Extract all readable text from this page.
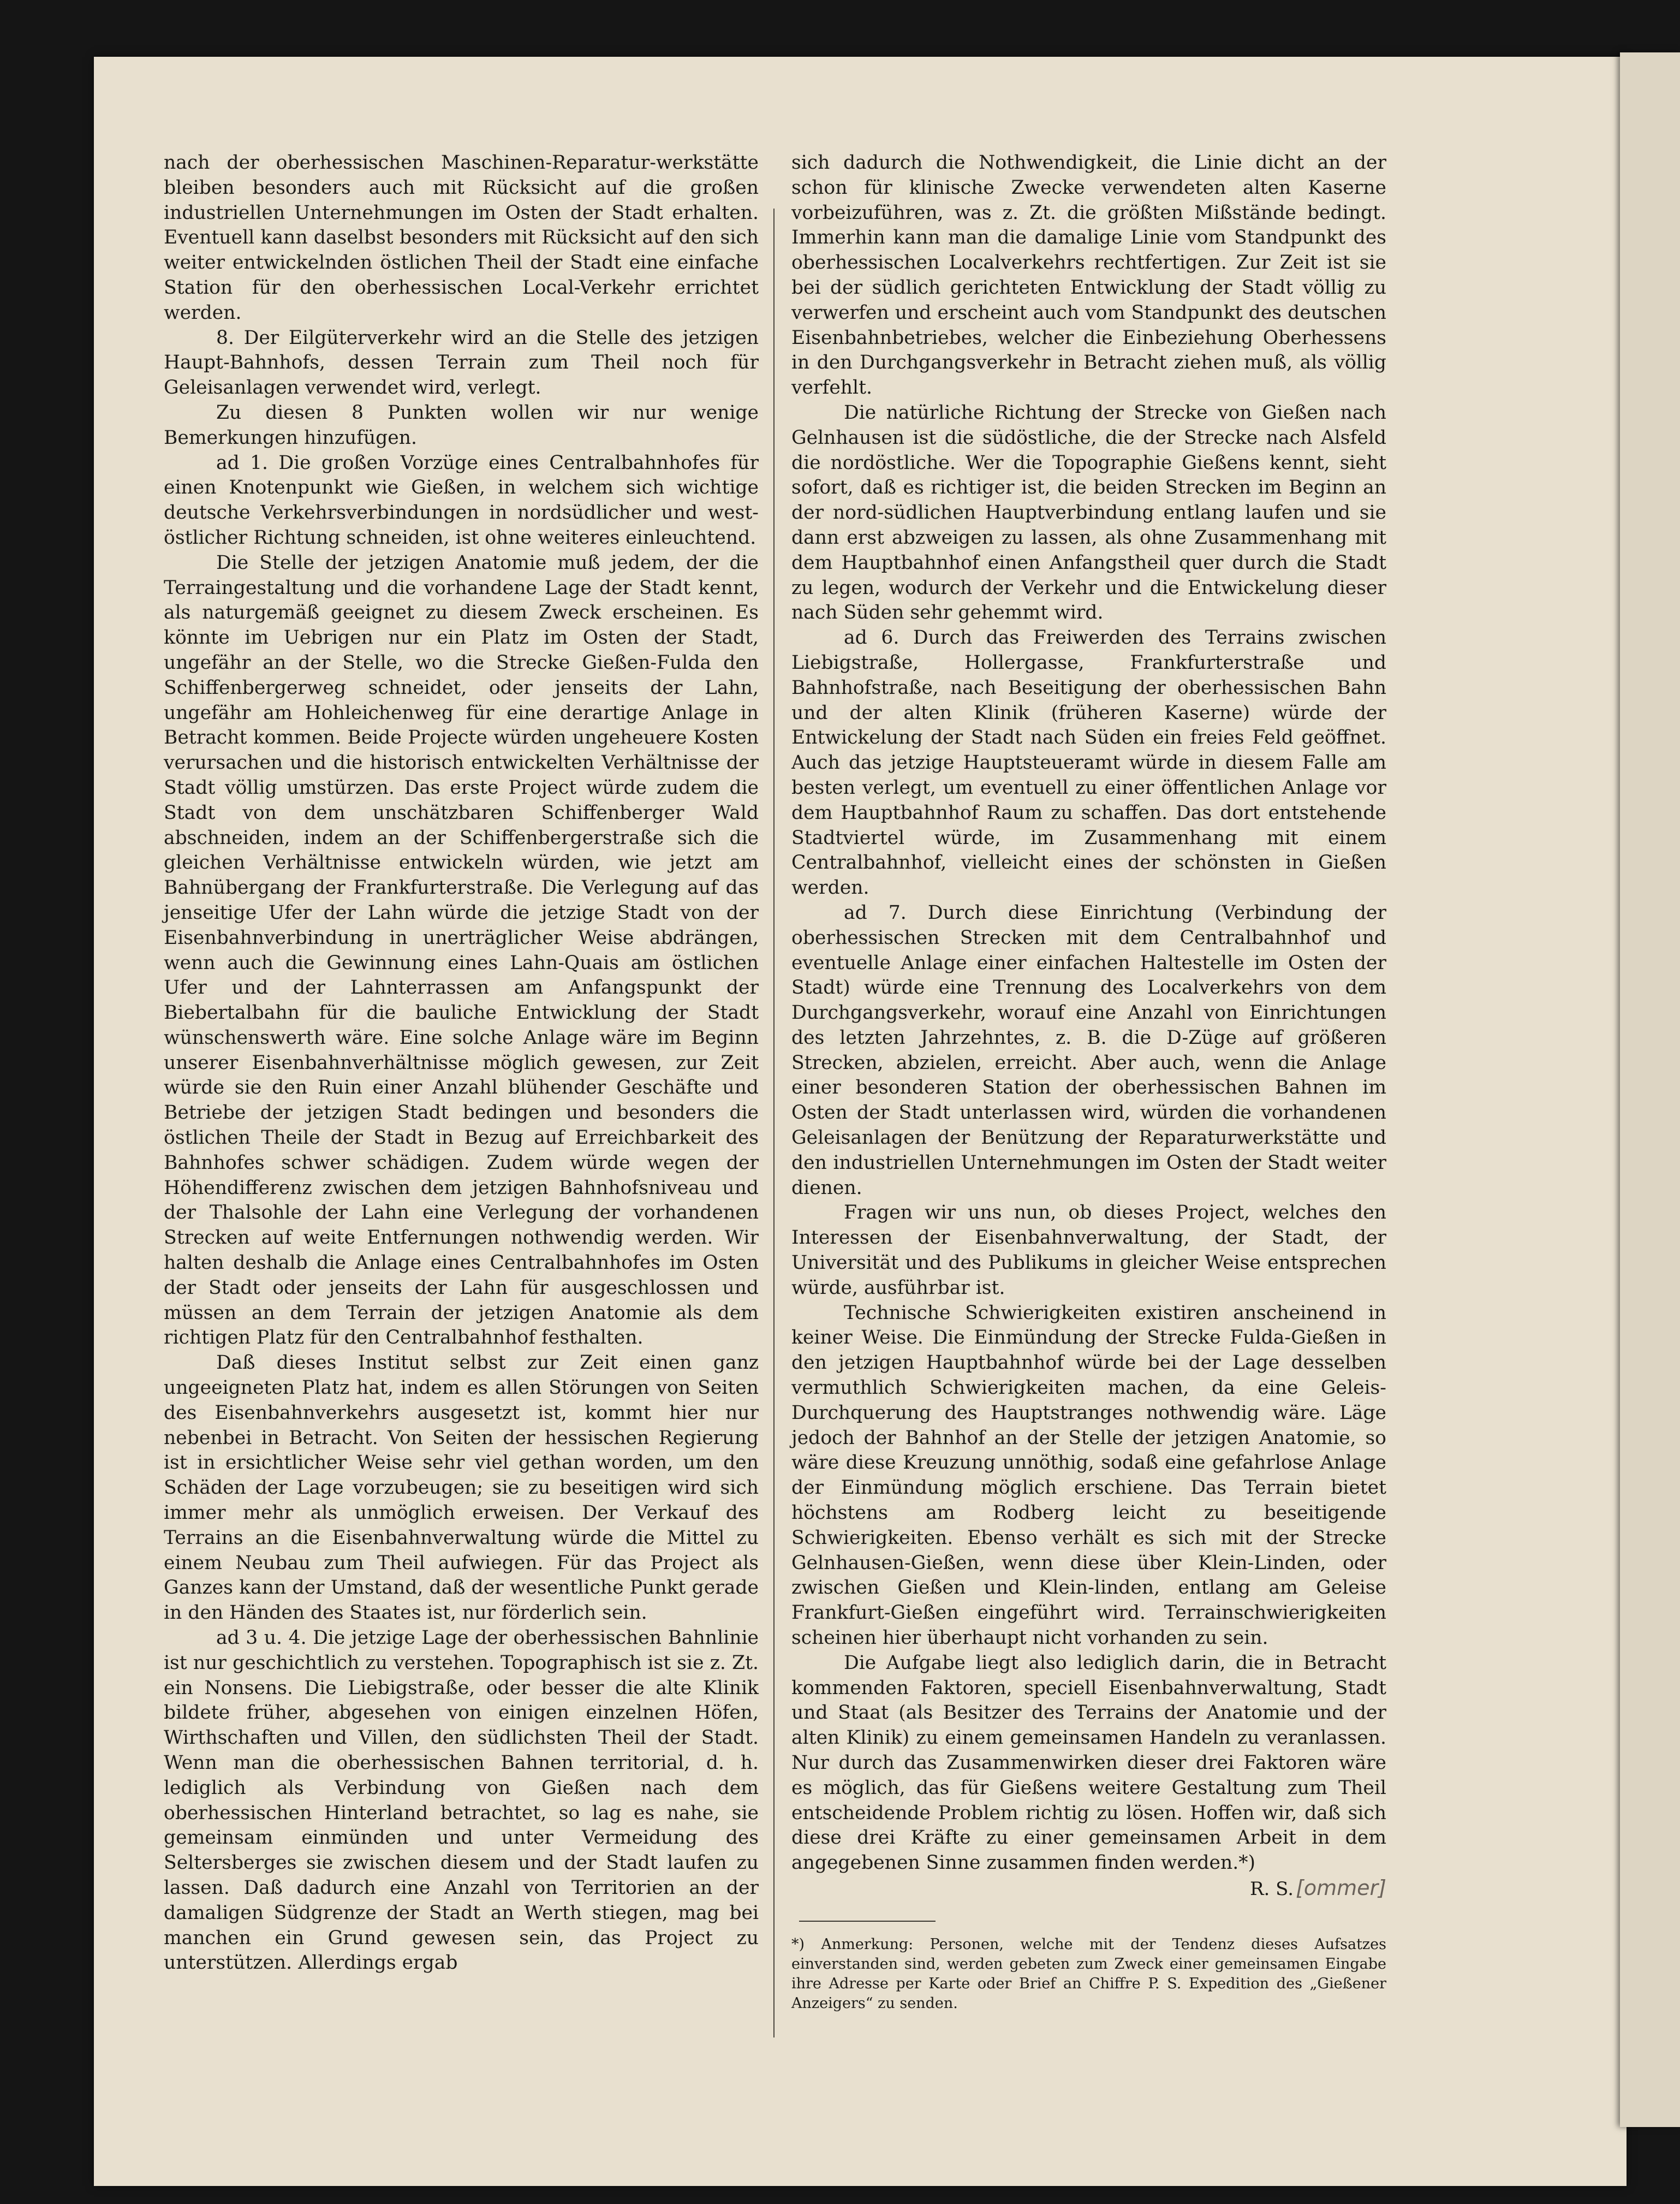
nach der oberhessischen Maschinen-Reparatur-werkstätte bleiben besonders auch mit Rücksicht auf die großen industriellen Unternehmungen im Osten der Stadt erhalten. Eventuell kann daselbst besonders mit Rücksicht auf den sich weiter entwickelnden östlichen Theil der Stadt eine einfache Station für den oberhessischen Local-Verkehr errichtet werden.

8. Der Eilgüterverkehr wird an die Stelle des jetzigen Haupt-Bahnhofs, dessen Terrain zum Theil noch für Geleisanlagen verwendet wird, verlegt.

Zu diesen 8 Punkten wollen wir nur wenige Bemerkungen hinzufügen.

ad 1. Die großen Vorzüge eines Centralbahnhofes für einen Knotenpunkt wie Gießen, in welchem sich wichtige deutsche Verkehrsverbindungen in nordsüdlicher und west-östlicher Richtung schneiden, ist ohne weiteres einleuchtend.

Die Stelle der jetzigen Anatomie muß jedem, der die Terraingestaltung und die vorhandene Lage der Stadt kennt, als naturgemäß geeignet zu diesem Zweck erscheinen. Es könnte im Uebrigen nur ein Platz im Osten der Stadt, ungefähr an der Stelle, wo die Strecke Gießen-Fulda den Schiffenbergerweg schneidet, oder jenseits der Lahn, ungefähr am Hohleichenweg für eine derartige Anlage in Betracht kommen. Beide Projecte würden ungeheuere Kosten verursachen und die historisch entwickelten Verhältnisse der Stadt völlig umstürzen. Das erste Project würde zudem die Stadt von dem unschätzbaren Schiffenberger Wald abschneiden, indem an der Schiffenbergerstraße sich die gleichen Verhältnisse entwickeln würden, wie jetzt am Bahnübergang der Frankfurterstraße. Die Verlegung auf das jenseitige Ufer der Lahn würde die jetzige Stadt von der Eisenbahnverbindung in unerträglicher Weise abdrängen, wenn auch die Gewinnung eines Lahn-Quais am östlichen Ufer und der Lahnterrassen am Anfangspunkt der Biebertalbahn für die bauliche Entwicklung der Stadt wünschenswerth wäre. Eine solche Anlage wäre im Beginn unserer Eisenbahnverhältnisse möglich gewesen, zur Zeit würde sie den Ruin einer Anzahl blühender Geschäfte und Betriebe der jetzigen Stadt bedingen und besonders die östlichen Theile der Stadt in Bezug auf Erreichbarkeit des Bahnhofes schwer schädigen. Zudem würde wegen der Höhendifferenz zwischen dem jetzigen Bahnhofsniveau und der Thalsohle der Lahn eine Verlegung der vorhandenen Strecken auf weite Entfernungen nothwendig werden. Wir halten deshalb die Anlage eines Centralbahnhofes im Osten der Stadt oder jenseits der Lahn für ausgeschlossen und müssen an dem Terrain der jetzigen Anatomie als dem richtigen Platz für den Centralbahnhof festhalten.

Daß dieses Institut selbst zur Zeit einen ganz ungeeigneten Platz hat, indem es allen Störungen von Seiten des Eisenbahnverkehrs ausgesetzt ist, kommt hier nur nebenbei in Betracht. Von Seiten der hessischen Regierung ist in ersichtlicher Weise sehr viel gethan worden, um den Schäden der Lage vorzubeugen; sie zu beseitigen wird sich immer mehr als unmöglich erweisen. Der Verkauf des Terrains an die Eisenbahnverwaltung würde die Mittel zu einem Neubau zum Theil aufwiegen. Für das Project als Ganzes kann der Umstand, daß der wesentliche Punkt gerade in den Händen des Staates ist, nur förderlich sein.

ad 3 u. 4. Die jetzige Lage der oberhessischen Bahnlinie ist nur geschichtlich zu verstehen. Topographisch ist sie z. Zt. ein Nonsens. Die Liebigstraße, oder besser die alte Klinik bildete früher, abgesehen von einigen einzelnen Höfen, Wirthschaften und Villen, den südlichsten Theil der Stadt. Wenn man die oberhessischen Bahnen territorial, d. h. lediglich als Verbindung von Gießen nach dem oberhessischen Hinterland betrachtet, so lag es nahe, sie gemeinsam einmünden und unter Vermeidung des Seltersberges sie zwischen diesem und der Stadt laufen zu lassen. Daß dadurch eine Anzahl von Territorien an der damaligen Südgrenze der Stadt an Werth stiegen, mag bei manchen ein Grund gewesen sein, das Project zu unterstützen. Allerdings ergab

sich dadurch die Nothwendigkeit, die Linie dicht an der schon für klinische Zwecke verwendeten alten Kaserne vorbeizuführen, was z. Zt. die größten Mißstände bedingt. Immerhin kann man die damalige Linie vom Standpunkt des oberhessischen Localverkehrs rechtfertigen. Zur Zeit ist sie bei der südlich gerichteten Entwicklung der Stadt völlig zu verwerfen und erscheint auch vom Standpunkt des deutschen Eisenbahnbetriebes, welcher die Einbeziehung Oberhessens in den Durchgangsverkehr in Betracht ziehen muß, als völlig verfehlt.

Die natürliche Richtung der Strecke von Gießen nach Gelnhausen ist die südöstliche, die der Strecke nach Alsfeld die nordöstliche. Wer die Topographie Gießens kennt, sieht sofort, daß es richtiger ist, die beiden Strecken im Beginn an der nord-südlichen Hauptverbindung entlang laufen und sie dann erst abzweigen zu lassen, als ohne Zusammenhang mit dem Hauptbahnhof einen Anfangstheil quer durch die Stadt zu legen, wodurch der Verkehr und die Entwickelung dieser nach Süden sehr gehemmt wird.

ad 6. Durch das Freiwerden des Terrains zwischen Liebigstraße, Hollergasse, Frankfurterstraße und Bahnhofstraße, nach Beseitigung der oberhessischen Bahn und der alten Klinik (früheren Kaserne) würde der Entwickelung der Stadt nach Süden ein freies Feld geöffnet. Auch das jetzige Hauptsteueramt würde in diesem Falle am besten verlegt, um eventuell zu einer öffentlichen Anlage vor dem Hauptbahnhof Raum zu schaffen. Das dort entstehende Stadtviertel würde, im Zusammenhang mit einem Centralbahnhof, vielleicht eines der schönsten in Gießen werden.

ad 7. Durch diese Einrichtung (Verbindung der oberhessischen Strecken mit dem Centralbahnhof und eventuelle Anlage einer einfachen Haltestelle im Osten der Stadt) würde eine Trennung des Localverkehrs von dem Durchgangsverkehr, worauf eine Anzahl von Einrichtungen des letzten Jahrzehntes, z. B. die D-Züge auf größeren Strecken, abzielen, erreicht. Aber auch, wenn die Anlage einer besonderen Station der oberhessischen Bahnen im Osten der Stadt unterlassen wird, würden die vorhandenen Geleisanlagen der Benützung der Reparaturwerkstätte und den industriellen Unternehmungen im Osten der Stadt weiter dienen.

Fragen wir uns nun, ob dieses Project, welches den Interessen der Eisenbahnverwaltung, der Stadt, der Universität und des Publikums in gleicher Weise entsprechen würde, ausführbar ist.

Technische Schwierigkeiten existiren anscheinend in keiner Weise. Die Einmündung der Strecke Fulda-Gießen in den jetzigen Hauptbahnhof würde bei der Lage desselben vermuthlich Schwierigkeiten machen, da eine Geleis-Durchquerung des Hauptstranges nothwendig wäre. Läge jedoch der Bahnhof an der Stelle der jetzigen Anatomie, so wäre diese Kreuzung unnöthig, sodaß eine gefahrlose Anlage der Einmündung möglich erschiene. Das Terrain bietet höchstens am Rodberg leicht zu beseitigende Schwierigkeiten. Ebenso verhält es sich mit der Strecke Gelnhausen-Gießen, wenn diese über Klein-Linden, oder zwischen Gießen und Klein-linden, entlang am Geleise Frankfurt-Gießen eingeführt wird. Terrainschwierigkeiten scheinen hier überhaupt nicht vorhanden zu sein.

Die Aufgabe liegt also lediglich darin, die in Betracht kommenden Faktoren, speciell Eisenbahnverwaltung, Stadt und Staat (als Besitzer des Terrains der Anatomie und der alten Klinik) zu einem gemeinsamen Handeln zu veranlassen. Nur durch das Zusammenwirken dieser drei Faktoren wäre es möglich, das für Gießens weitere Gestaltung zum Theil entscheidende Problem richtig zu lösen. Hoffen wir, daß sich diese drei Kräfte zu einer gemeinsamen Arbeit in dem angegebenen Sinne zusammen finden werden.*)

R. S. [ommer]

*) Anmerkung: Personen, welche mit der Tendenz dieses Aufsatzes einverstanden sind, werden gebeten zum Zweck einer gemeinsamen Eingabe ihre Adresse per Karte oder Brief an Chiffre P. S. Expedition des „Gießener Anzeigers“ zu senden.
